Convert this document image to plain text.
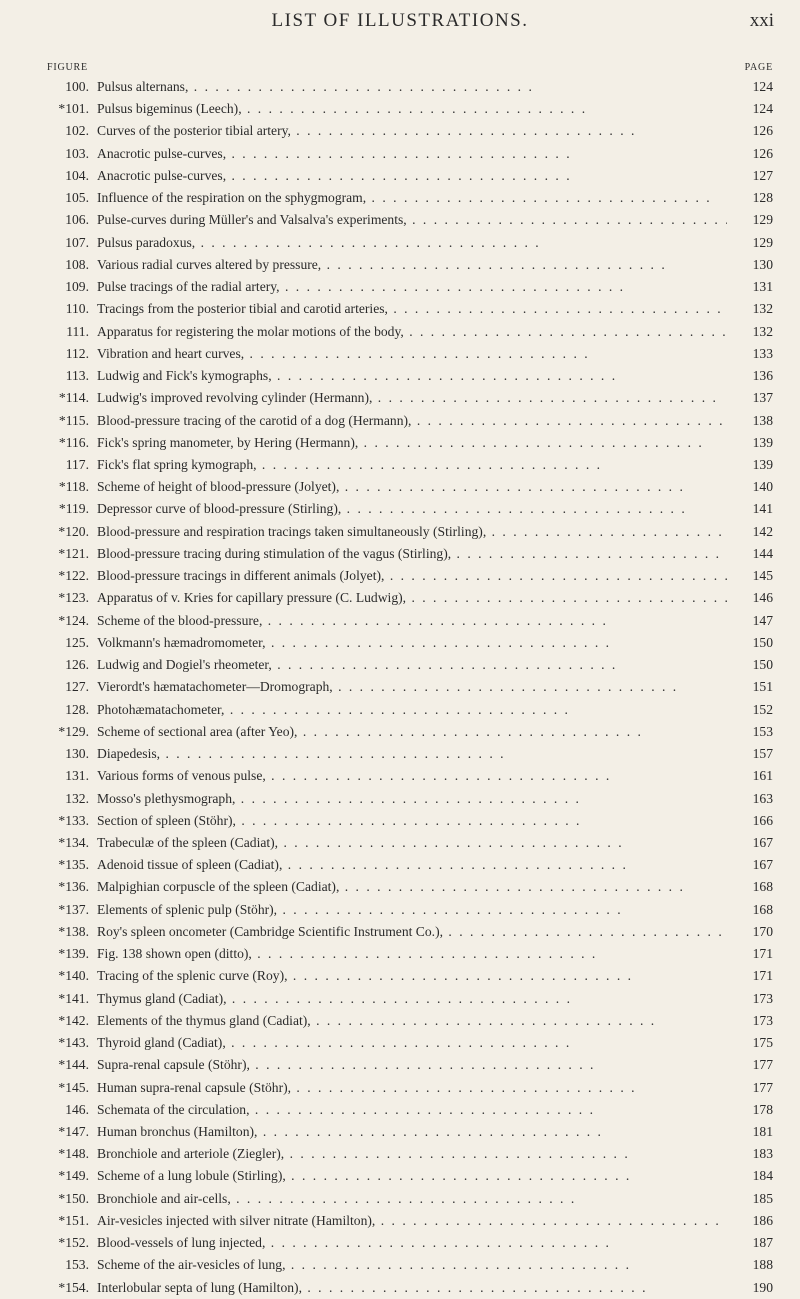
LIST OF ILLUSTRATIONS.	xxi
FIGURE	PAGE
100. Pulsus alternans, . .	124
*101. Pulsus bigeminus (Leech), . .	124
102. Curves of the posterior tibial artery, . .	126
103. Anacrotic pulse-curves, . .	126
104. Anacrotic pulse-curves, . .	127
105. Influence of the respiration on the sphygmogram, . .	128
106. Pulse-curves during Müller's and Valsalva's experiments, . .	129
107. Pulsus paradoxus, . .	129
108. Various radial curves altered by pressure, . .	130
109. Pulse tracings of the radial artery, . .	131
110. Tracings from the posterior tibial and carotid arteries, . .	132
111. Apparatus for registering the molar motions of the body, . .	132
112. Vibration and heart curves, . .	133
113. Ludwig and Fick's kymographs, . .	136
*114. Ludwig's improved revolving cylinder (Hermann), . .	137
*115. Blood-pressure tracing of the carotid of a dog (Hermann), . .	138
*116. Fick's spring manometer, by Hering (Hermann), . .	139
117. Fick's flat spring kymograph, . .	139
*118. Scheme of height of blood-pressure (Jolyet), . .	140
*119. Depressor curve of blood-pressure (Stirling), . .	141
*120. Blood-pressure and respiration tracings taken simultaneously (Stirling), . .	142
*121. Blood-pressure tracing during stimulation of the vagus (Stirling), . .	144
*122. Blood-pressure tracings in different animals (Jolyet), . .	145
*123. Apparatus of v. Kries for capillary pressure (C. Ludwig), . .	146
*124. Scheme of the blood-pressure, . .	147
125. Volkmann's hæmadromometer, . .	150
126. Ludwig and Dogiel's rheometer, . .	150
127. Vierordt's hæmatachometer—Dromograph, . .	151
128. Photohæmatachometer, . .	152
*129. Scheme of sectional area (after Yeo), . .	153
130. Diapedesis, . .	157
131. Various forms of venous pulse, . .	161
132. Mosso's plethysmograph, . .	163
*133. Section of spleen (Stöhr), . .	166
*134. Trabeculæ of the spleen (Cadiat), . .	167
*135. Adenoid tissue of spleen (Cadiat), . .	167
*136. Malpighian corpuscle of the spleen (Cadiat), . .	168
*137. Elements of splenic pulp (Stöhr), . .	168
*138. Roy's spleen oncometer (Cambridge Scientific Instrument Co.), . .	170
*139. Fig. 138 shown open (ditto), . .	171
*140. Tracing of the splenic curve (Roy), . .	171
*141. Thymus gland (Cadiat), . .	173
*142. Elements of the thymus gland (Cadiat), . .	173
*143. Thyroid gland (Cadiat), . .	175
*144. Supra-renal capsule (Stöhr), . .	177
*145. Human supra-renal capsule (Stöhr), . .	177
146. Schemata of the circulation, . .	178
*147. Human bronchus (Hamilton), . .	181
*148. Bronchiole and arteriole (Ziegler), . .	183
*149. Scheme of a lung lobule (Stirling), . .	184
*150. Bronchiole and air-cells, . .	185
*151. Air-vesicles injected with silver nitrate (Hamilton), . .	186
*152. Blood-vessels of lung injected, . .	187
153. Scheme of the air-vesicles of lung, . .	188
*154. Interlobular septa of lung (Hamilton), . .	190
